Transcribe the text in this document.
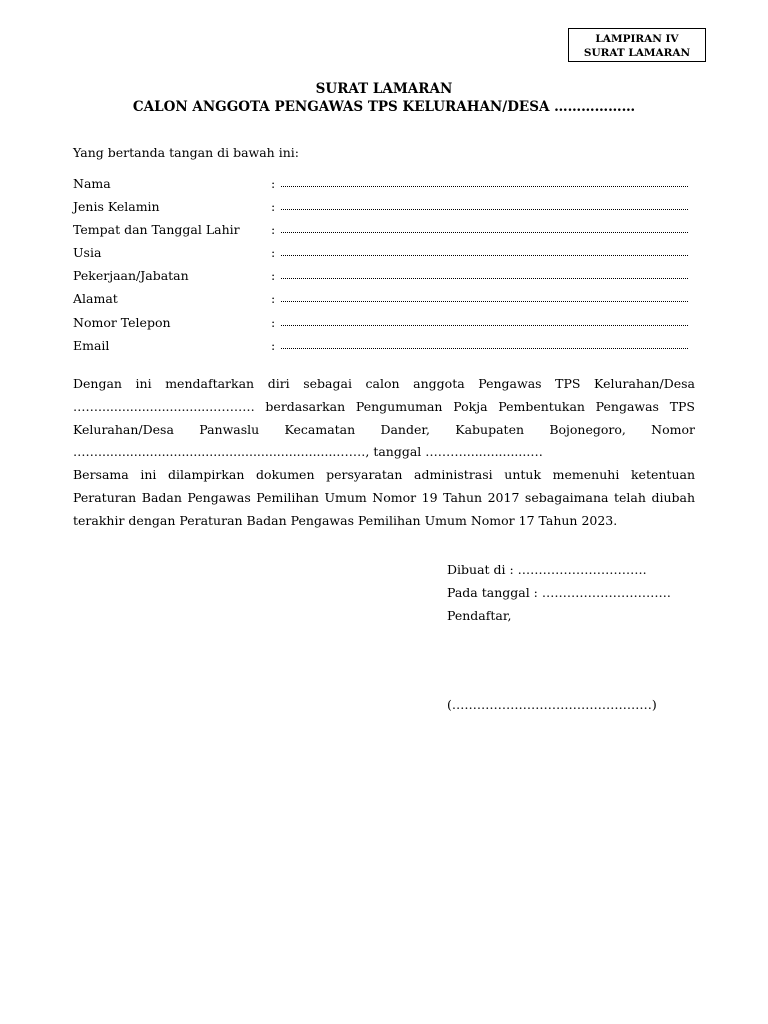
LAMPIRAN IV
SURAT LAMARAN
SURAT LAMARAN
CALON ANGGOTA PENGAWAS TPS KELURAHAN/DESA ………………
Yang bertanda tangan di bawah ini:
Nama	:
Jenis Kelamin	:
Tempat dan Tanggal Lahir	:
Usia	:
Pekerjaan/Jabatan	:
Alamat	:
Nomor Telepon	:
Email	:
Dengan ini mendaftarkan diri sebagai calon anggota Pengawas TPS Kelurahan/Desa
……..............................……… berdasarkan Pengumuman Pokja Pembentukan Pengawas TPS
Kelurahan/Desa Panwaslu Kecamatan Dander, Kabupaten Bojonegoro, Nomor
…….............................................................……, tanggal ……….................…
Bersama ini dilampirkan dokumen persyaratan administrasi untuk memenuhi ketentuan
Peraturan Badan Pengawas Pemilihan Umum Nomor 19 Tahun 2017 sebagaimana telah diubah
terakhir dengan Peraturan Badan Pengawas Pemilihan Umum Nomor 17 Tahun 2023.
Dibuat di : ………………………….
Pada tanggal : ………………………….
Pendaftar,
(…………………………………………)
